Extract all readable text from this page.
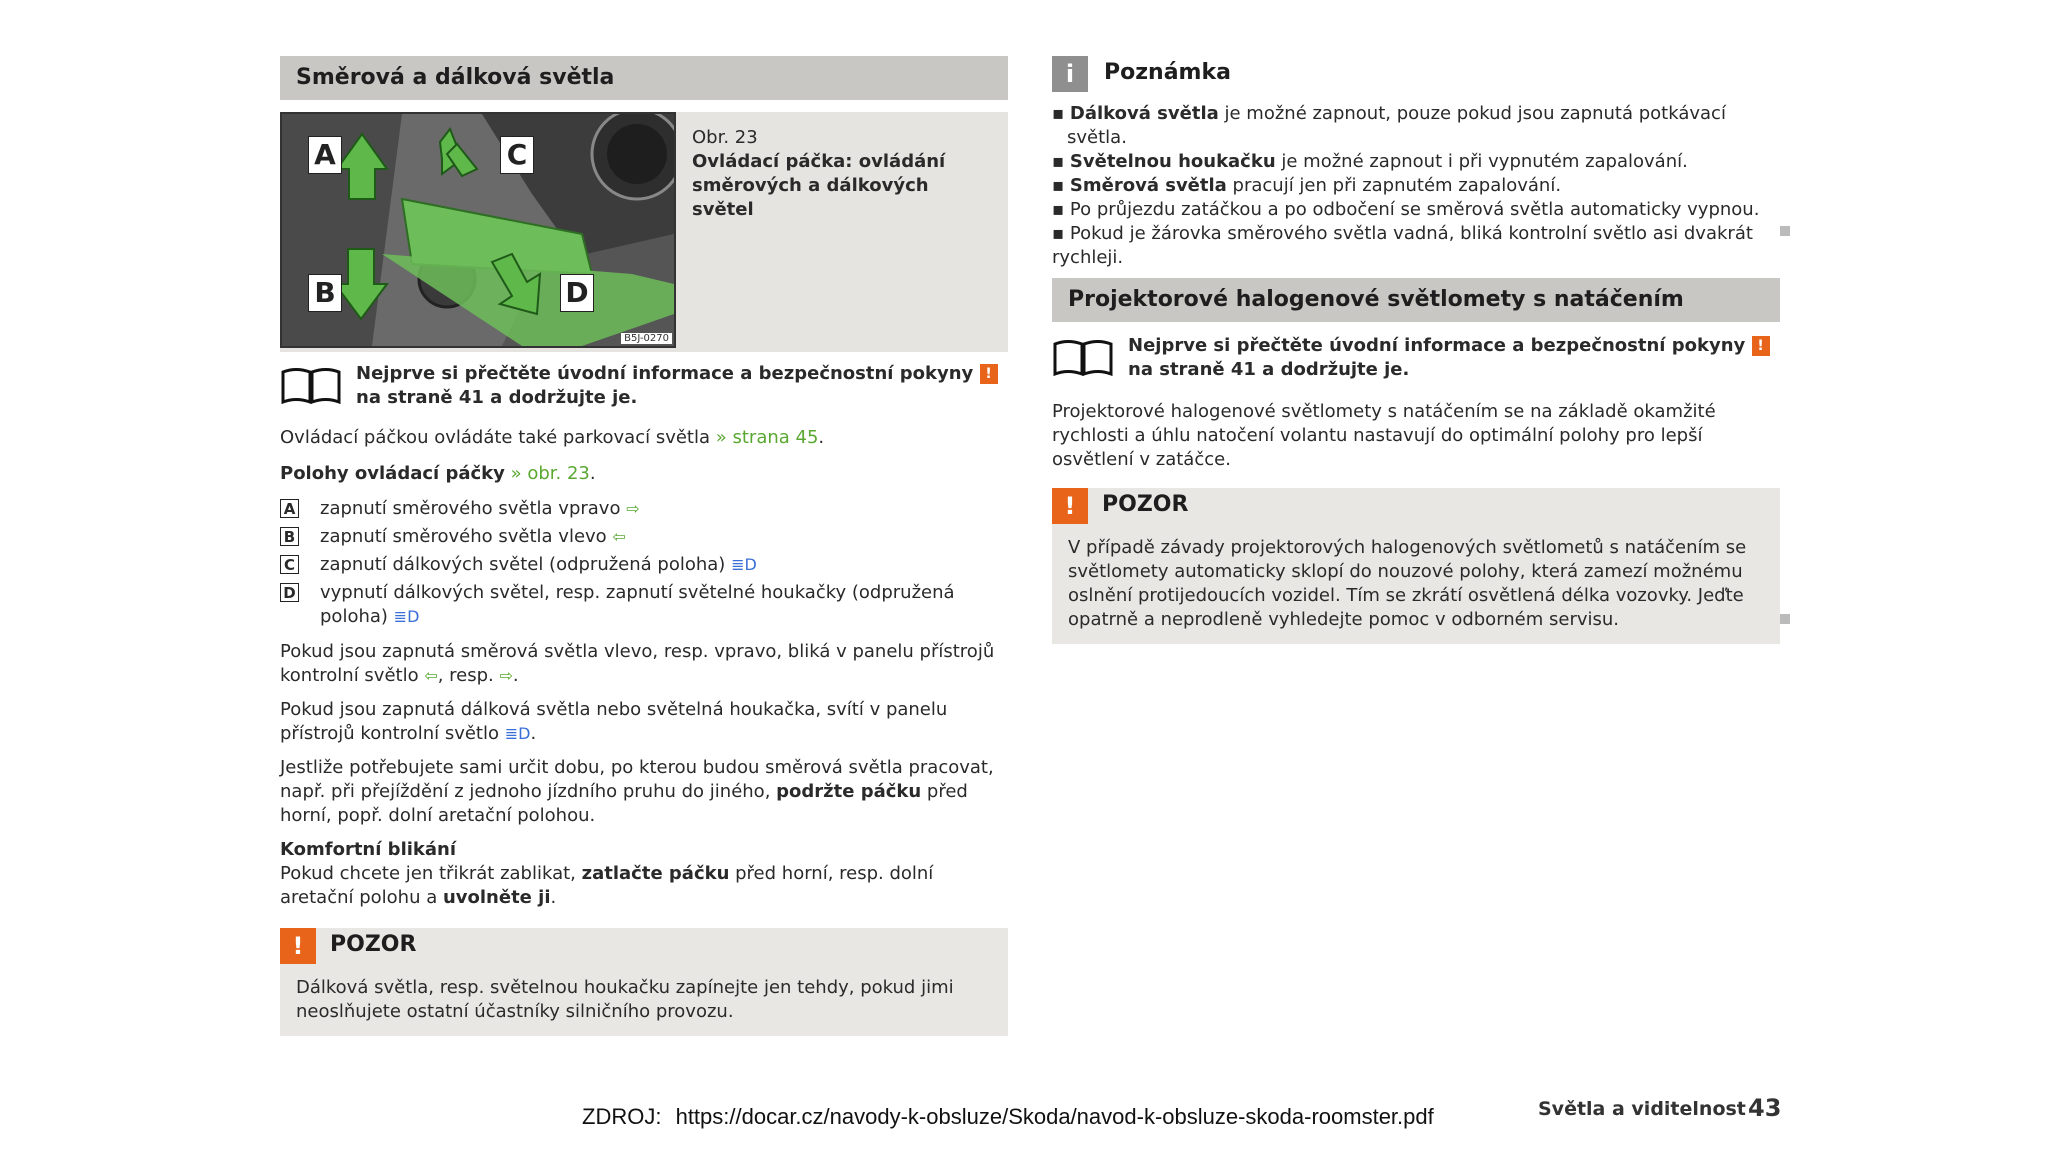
Směrová a dálková světla
A	C
B	D
B5J-0270
Obr. 23
Ovládací páčka: ovládání směrových a dálkových světel
Nejprve si přečtěte úvodní informace a bezpečnostní pokyny ! na straně 41 a dodržujte je.
Ovládací páčkou ovládáte také parkovací světla » strana 45.
Polohy ovládací páčky » obr. 23.
A zapnutí směrového světla vpravo ⇨
B zapnutí směrového světla vlevo ⇦
C zapnutí dálkových světel (odpružená poloha) ≣D
D vypnutí dálkových světel, resp. zapnutí světelné houkačky (odpružená poloha) ≣D
Pokud jsou zapnutá směrová světla vlevo, resp. vpravo, bliká v panelu přístrojů kontrolní světlo ⇦, resp. ⇨.
Pokud jsou zapnutá dálková světla nebo světelná houkačka, svítí v panelu přístrojů kontrolní světlo ≣D.
Jestliže potřebujete sami určit dobu, po kterou budou směrová světla pracovat, např. při přejíždění z jednoho jízdního pruhu do jiného, podržte páčku před horní, popř. dolní aretační polohou.
Komfortní blikání
Pokud chcete jen třikrát zablikat, zatlačte páčku před horní, resp. dolní aretační polohu a uvolněte ji.
!	POZOR
Dálková světla, resp. světelnou houkačku zapínejte jen tehdy, pokud jimi neoslňujete ostatní účastníky silničního provozu.
i	Poznámka
▪ Dálková světla je možné zapnout, pouze pokud jsou zapnutá potkávací světla.
▪ Světelnou houkačku je možné zapnout i při vypnutém zapalování.
▪ Směrová světla pracují jen při zapnutém zapalování.
▪ Po průjezdu zatáčkou a po odbočení se směrová světla automaticky vypnou.
▪ Pokud je žárovka směrového světla vadná, bliká kontrolní světlo asi dvakrát rychleji.
Projektorové halogenové světlomety s natáčením
Nejprve si přečtěte úvodní informace a bezpečnostní pokyny ! na straně 41 a dodržujte je.
Projektorové halogenové světlomety s natáčením se na základě okamžité rychlosti a úhlu natočení volantu nastavují do optimální polohy pro lepší osvětlení v zatáčce.
!	POZOR
V případě závady projektorových halogenových světlometů s natáčením se světlomety automaticky sklopí do nouzové polohy, která zamezí možnému oslnění protijedoucích vozidel. Tím se zkrátí osvětlená délka vozovky. Jeďte opatrně a neprodleně vyhledejte pomoc v odborném servisu.
ZDROJ: https://docar.cz/navody-k-obsluze/Skoda/navod-k-obsluze-skoda-roomster.pdf	Světla a viditelnost 43
